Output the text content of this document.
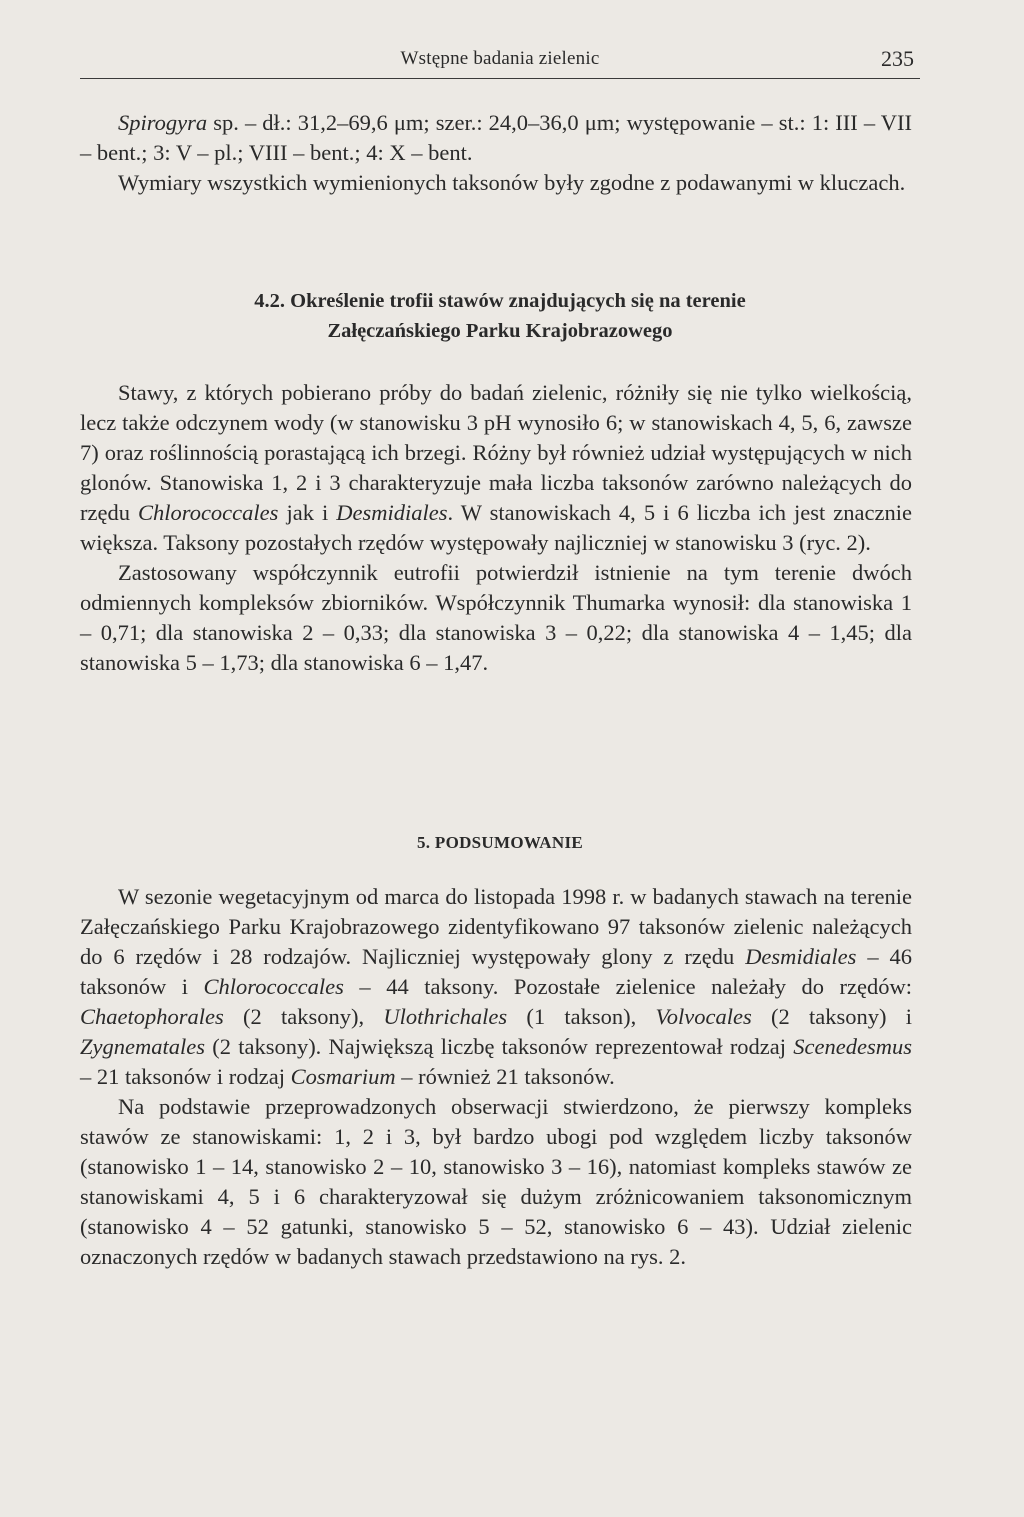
Wstępne badania zielenic	235

Spirogyra sp. – dł.: 31,2–69,6 μm; szer.: 24,0–36,0 μm; występowanie – st.: 1: III – VII – bent.; 3: V – pl.; VIII – bent.; 4: X – bent.

Wymiary wszystkich wymienionych taksonów były zgodne z podawanymi w kluczach.

4.2. Określenie trofii stawów znajdujących się na terenie
Załęczańskiego Parku Krajobrazowego

Stawy, z których pobierano próby do badań zielenic, różniły się nie tylko wielkością, lecz także odczynem wody (w stanowisku 3 pH wynosiło 6; w stanowiskach 4, 5, 6, zawsze 7) oraz roślinnością porastającą ich brzegi. Różny był również udział występujących w nich glonów. Stanowiska 1, 2 i 3 charakteryzuje mała liczba taksonów zarówno należących do rzędu Chlorococcales jak i Desmidiales. W stanowiskach 4, 5 i 6 liczba ich jest znacznie większa. Taksony pozostałych rzędów występowały najliczniej w stanowisku 3 (ryc. 2).

Zastosowany współczynnik eutrofii potwierdził istnienie na tym terenie dwóch odmiennych kompleksów zbiorników. Współczynnik Thumarka wynosił: dla stanowiska 1 – 0,71; dla stanowiska 2 – 0,33; dla stanowiska 3 – 0,22; dla stanowiska 4 – 1,45; dla stanowiska 5 – 1,73; dla stanowiska 6 – 1,47.

5. PODSUMOWANIE

W sezonie wegetacyjnym od marca do listopada 1998 r. w badanych stawach na terenie Załęczańskiego Parku Krajobrazowego zidentyfikowano 97 taksonów zielenic należących do 6 rzędów i 28 rodzajów. Najliczniej występowały glony z rzędu Desmidiales – 46 taksonów i Chlorococcales – 44 taksony. Pozostałe zielenice należały do rzędów: Chaetophorales (2 taksony), Ulothrichales (1 takson), Volvocales (2 taksony) i Zygnematales (2 taksony). Największą liczbę taksonów reprezentował rodzaj Scenedesmus – 21 taksonów i rodzaj Cosmarium – również 21 taksonów.

Na podstawie przeprowadzonych obserwacji stwierdzono, że pierwszy kompleks stawów ze stanowiskami: 1, 2 i 3, był bardzo ubogi pod względem liczby taksonów (stanowisko 1 – 14, stanowisko 2 – 10, stanowisko 3 – 16), natomiast kompleks stawów ze stanowiskami 4, 5 i 6 charakteryzował się dużym zróżnicowaniem taksonomicznym (stanowisko 4 – 52 gatunki, stanowisko 5 – 52, stanowisko 6 – 43). Udział zielenic oznaczonych rzędów w badanych stawach przedstawiono na rys. 2.
